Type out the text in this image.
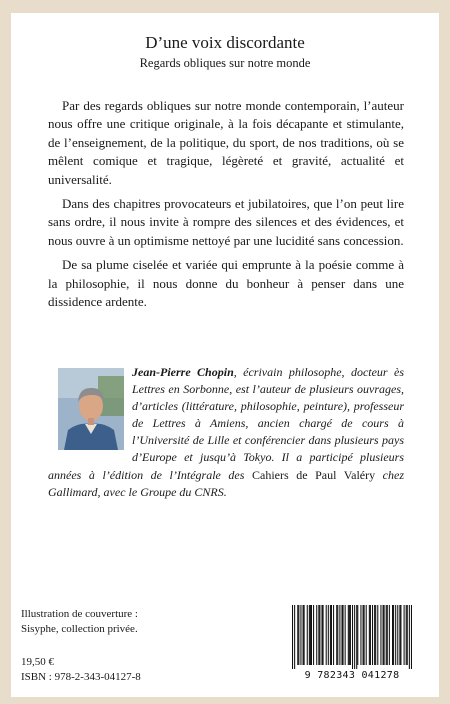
D’une voix discordante
Regards obliques sur notre monde

Par des regards obliques sur notre monde contemporain, l’auteur nous offre une critique originale, à la fois décapante et stimulante, de l’enseignement, de la politique, du sport, de nos traditions, où se mêlent comique et tragique, légèreté et gravité, actualité et universalité.

Dans des chapitres provocateurs et jubilatoires, que l’on peut lire sans ordre, il nous invite à rompre des silences et des évidences, et nous ouvre à un optimisme nettoyé par une lucidité sans concession.

De sa plume ciselée et variée qui emprunte à la poésie comme à la philosophie, il nous donne du bonheur à penser dans une dissidence ardente.

Jean-Pierre Chopin, écrivain philosophe, docteur ès Lettres en Sorbonne, est l’auteur de plusieurs ouvrages, d’articles (littérature, philosophie, peinture), professeur de Lettres à Amiens, ancien chargé de cours à l’Université de Lille et conférencier dans plusieurs pays d’Europe et jusqu’à Tokyo. Il a participé plusieurs années à l’édition de l’Intégrale des Cahiers de Paul Valéry chez Gallimard, avec le Groupe du CNRS.

Illustration de couverture :
Sisyphe, collection privée.
19,50 €
ISBN : 978-2-343-04127-8	9 782343 041278
